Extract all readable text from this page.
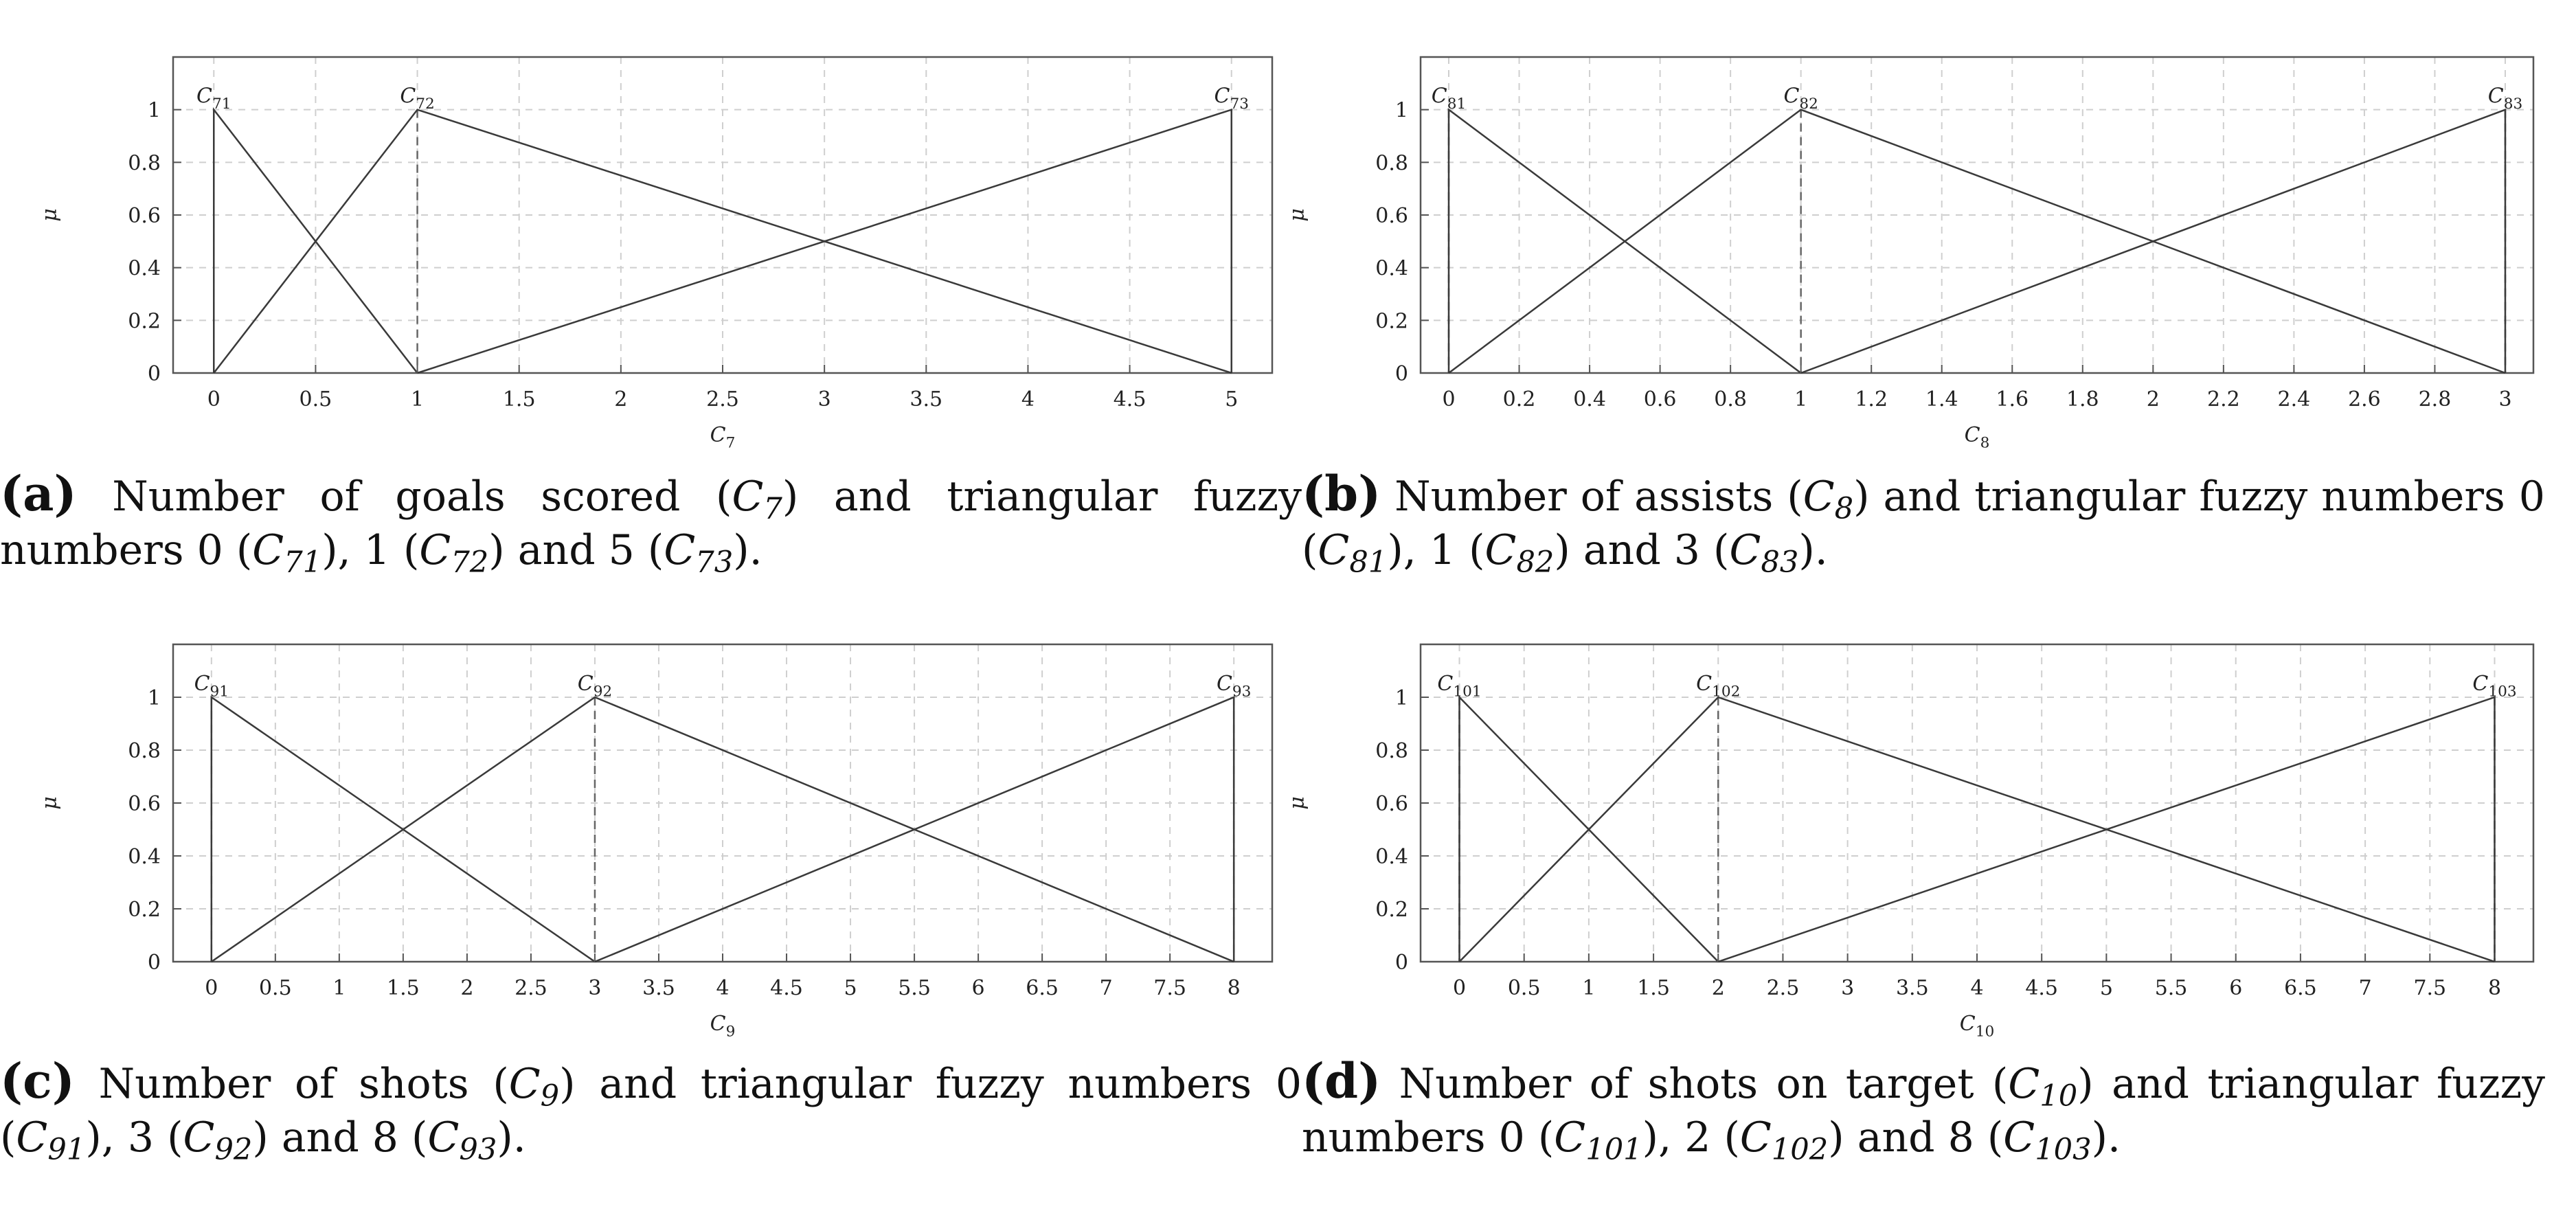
0	0.5	1	1.5	2	2.5	3	3.5	4	4.5	5
0
0.2
0.4
0.6
0.8
1
$C_7$
μ
$C_{71}$	$C_{72}$	$C_{73}$
(a) Number of goals scored $(C_7)$ and triangular fuzzy numbers 0 $(C_{71})$, 1 $(C_{72})$ and 5 $(C_{73})$.
0 0.2 0.4 0.6 0.8 1 1.2 1.4 1.6 1.8 2 2.2 2.4 2.6 2.8 3
0
0.2
0.4
0.6
0.8
1
$C_8$
μ
$C_{81}$	$C_{82}$	$C_{83}$
(b) Number of assists $(C_8)$ and triangular fuzzy numbers 0 $(C_{81})$, 1 $(C_{82})$ and 3 $(C_{83})$.
0 0.5 1 1.5 2 2.5 3 3.5 4 4.5 5 5.5 6 6.5 7 7.5 8
0
0.2
0.4
0.6
0.8
1
$C_9$
μ
$C_{91}$	$C_{92}$	$C_{93}$
(c) Number of shots $(C_9)$ and triangular fuzzy numbers 0 $(C_{91})$, 3 $(C_{92})$ and 8 $(C_{93})$.
0 0.5 1 1.5 2 2.5 3 3.5 4 4.5 5 5.5 6 6.5 7 7.5 8
0
0.2
0.4
0.6
0.8
1
$C_{10}$
μ
$C_{101}$	$C_{102}$	$C_{103}$
(d) Number of shots on target $(C_{10})$ and triangular fuzzy numbers 0 $(C_{101})$, 2 $(C_{102})$ and 8 $(C_{103})$.
